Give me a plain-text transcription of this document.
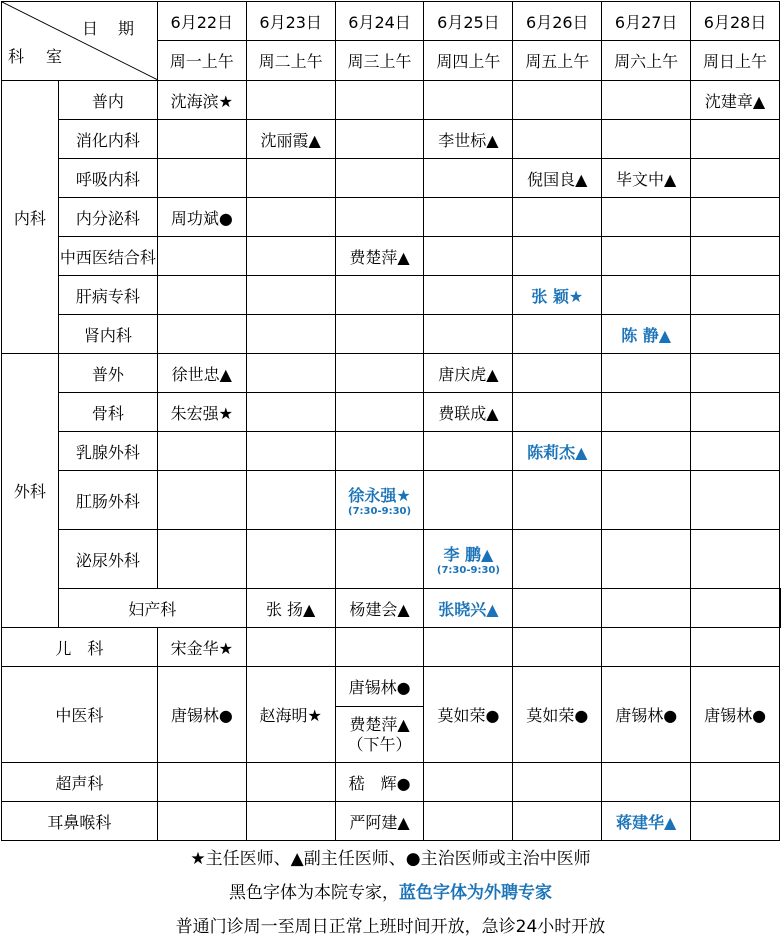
日期
科室		6月22日	6月23日	6月24日	6月25日	6月26日	6月27日	6月28日	
		周一上午	周二上午	周三上午	周四上午	周五上午	周六上午	周日上午	
内科	普内	沈海滨★						沈建章▲	
	消化内科		沈丽霞▲		李世标▲				
	呼吸内科					倪国良▲	毕文中▲		
	内分泌科	周功斌●							
	中西医结合科			费楚萍▲					
	肝病专科					张 颖★			
	肾内科						陈 静▲		
外科	普外	徐世忠▲			唐庆虎▲				
	骨科	朱宏强★			费联成▲				
	乳腺外科					陈莉杰▲			
	肛肠外科			徐永强★
(7:30-9:30)					

	泌尿外科				李 鹏▲
(7:30-9:30)				

	妇产科		张 扬▲	杨建会▲	张晓兴▲				
儿　科		宋金华★							
中医科		唐锡林●	赵海明★	唐锡林●	莫如荣●	莫如荣●	唐锡林●	唐锡林●	
				费楚萍▲
（下午）					
超声科				嵇　辉●					
耳鼻喉科				严阿建▲			蒋建华▲		
★主任医师、▲副主任医师、●主治医师或主治中医师
黑色字体为本院专家，蓝色字体为外聘专家
普通门诊周一至周日正常上班时间开放，急诊24小时开放
